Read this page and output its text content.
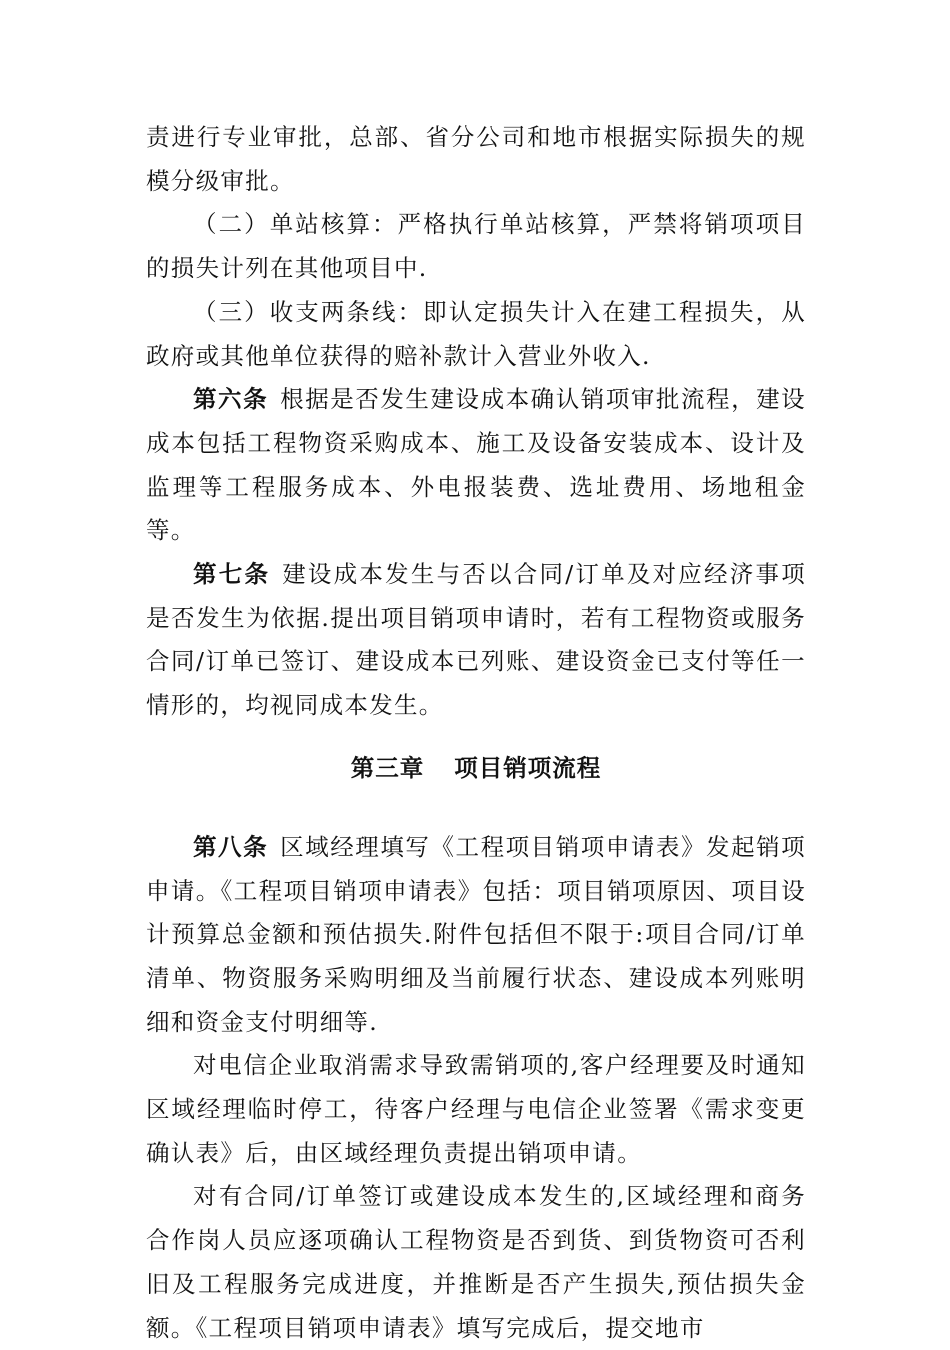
责进行专业审批，总部、省分公司和地市根据实际损失的规模分级审批。

（二）单站核算：严格执行单站核算，严禁将销项项目的损失计列在其他项目中.

（三）收支两条线：即认定损失计入在建工程损失，从政府或其他单位获得的赔补款计入营业外收入.

第六条 根据是否发生建设成本确认销项审批流程，建设成本包括工程物资采购成本、施工及设备安装成本、设计及监理等工程服务成本、外电报装费、选址费用、场地租金等。

第七条 建设成本发生与否以合同/订单及对应经济事项是否发生为依据.提出项目销项申请时，若有工程物资或服务合同/订单已签订、建设成本已列账、建设资金已支付等任一情形的，均视同成本发生。

第三章 项目销项流程

第八条 区域经理填写《工程项目销项申请表》发起销项申请。《工程项目销项申请表》包括：项目销项原因、项目设计预算总金额和预估损失.附件包括但不限于:项目合同/订单清单、物资服务采购明细及当前履行状态、建设成本列账明细和资金支付明细等.

对电信企业取消需求导致需销项的,客户经理要及时通知区域经理临时停工，待客户经理与电信企业签署《需求变更确认表》后，由区域经理负责提出销项申请。

对有合同/订单签订或建设成本发生的,区域经理和商务合作岗人员应逐项确认工程物资是否到货、到货物资可否利旧及工程服务完成进度，并推断是否产生损失,预估损失金额。《工程项目销项申请表》填写完成后，提交地市
